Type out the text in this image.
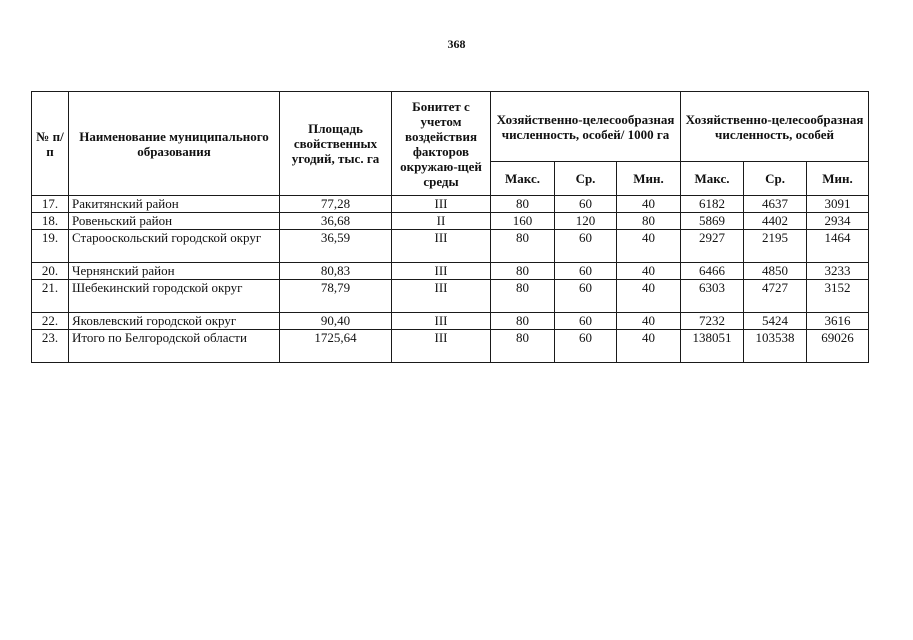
368
№ п/п	Наименование муниципального образования	Площадь свойственных угодий, тыс. га	Бонитет с учетом воздействия факторов окружаю-щей среды	Хозяйственно-целесообразная численность, особей/ 1000 га			Хозяйственно-целесообразная численность, особей		
				Макс.	Ср.	Мин.	Макс.	Ср.	Мин.
17.	Ракитянский район	77,28	III	80	60	40	6182	4637	3091
18.	Ровеньский район	36,68	II	160	120	80	5869	4402	2934
19.	Старооскольский городской округ	36,59	III	80	60	40	2927	2195	1464
20.	Чернянский район	80,83	III	80	60	40	6466	4850	3233
21.	Шебекинский городской округ	78,79	III	80	60	40	6303	4727	3152
22.	Яковлевский городской округ	90,40	III	80	60	40	7232	5424	3616
23.	Итого по Белгородской области	1725,64	III	80	60	40	138051	103538	69026
